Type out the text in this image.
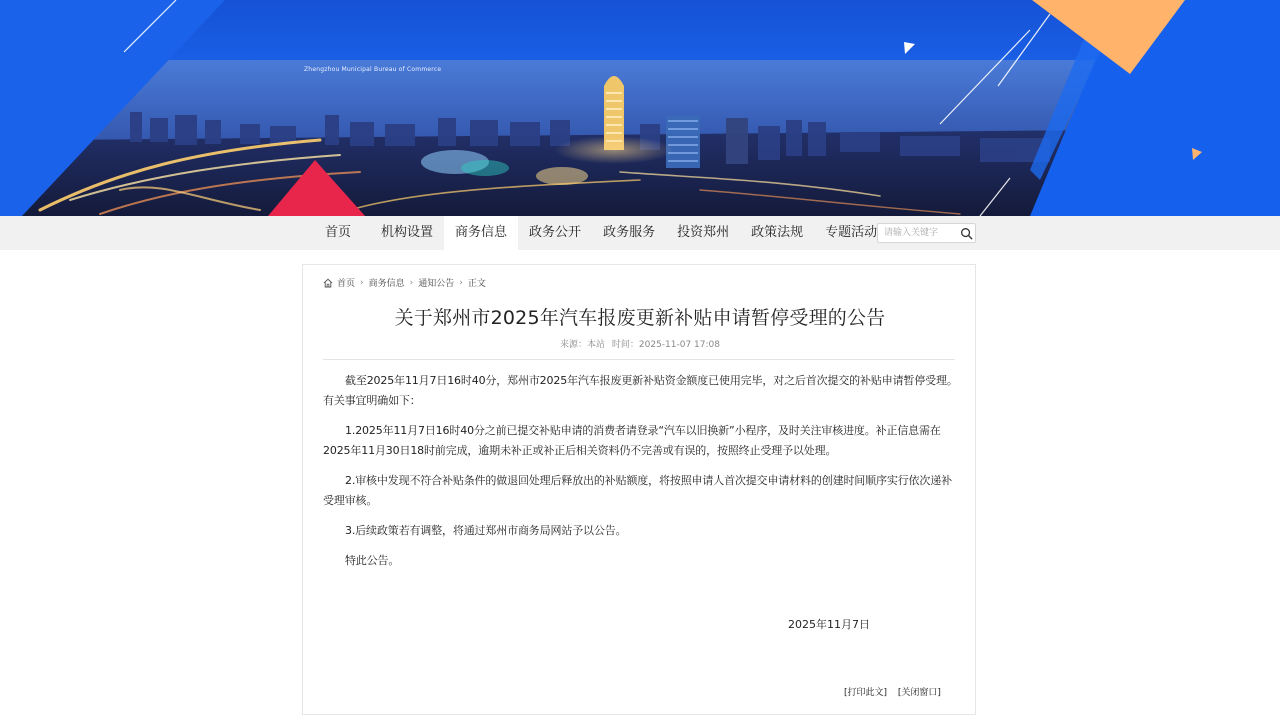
Zhengzhou Municipal Bureau of Commerce
首页	机构设置	商务信息	政务公开	政务服务	投资郑州	政策法规	专题活动
请输入关键字
首页 › 商务信息 › 通知公告 › 正文
关于郑州市2025年汽车报废更新补贴申请暂停受理的公告
来源：本站 时间：2025-11-07 17:08

截至2025年11月7日16时40分，郑州市2025年汽车报废更新补贴资金额度已使用完毕，对之后首次提交的补贴申请暂停受理。有关事宜明确如下：

1.2025年11月7日16时40分之前已提交补贴申请的消费者请登录“汽车以旧换新”小程序，及时关注审核进度。补正信息需在2025年11月30日18时前完成，逾期未补正或补正后相关资料仍不完善或有误的，按照终止受理予以处理。

2.审核中发现不符合补贴条件的做退回处理后释放出的补贴额度，将按照申请人首次提交申请材料的创建时间顺序实行依次递补受理审核。

3.后续政策若有调整，将通过郑州市商务局网站予以公告。

特此公告。

2025年11月7日
[打印此文] [关闭窗口]
